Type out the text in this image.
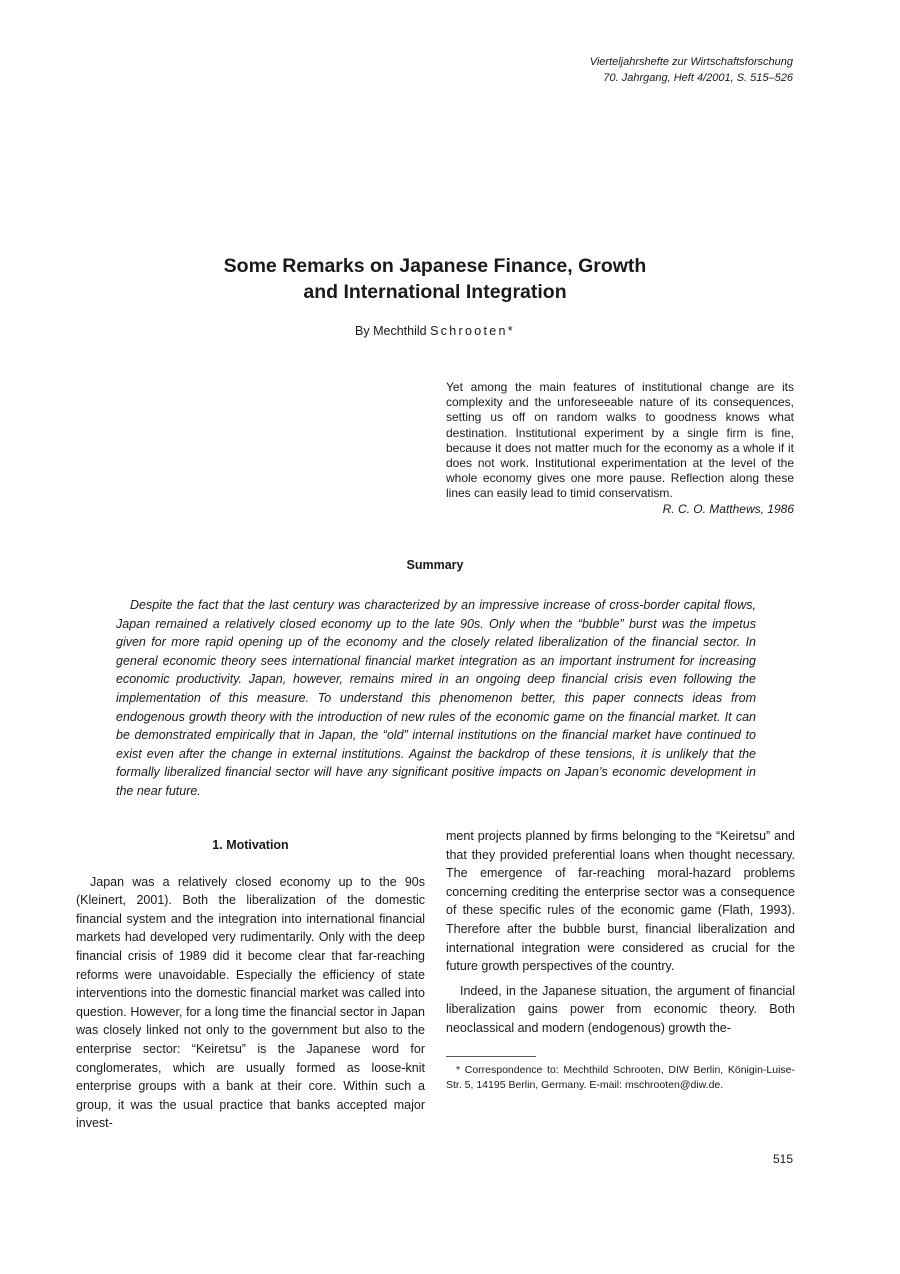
Vierteljahrshefte zur Wirtschaftsforschung
70. Jahrgang, Heft 4/2001, S. 515–526
Some Remarks on Japanese Finance, Growth
and International Integration
By Mechthild Schrooten*
Yet among the main features of institutional change are its complexity and the unforeseeable nature of its consequences, setting us off on random walks to goodness knows what destination. Institutional experiment by a single firm is fine, because it does not matter much for the economy as a whole if it does not work. Institutional experimentation at the level of the whole economy gives one more pause. Reflection along these lines can easily lead to timid conservatism.
R. C. O. Matthews, 1986
Summary
Despite the fact that the last century was characterized by an impressive increase of cross-border capital flows, Japan remained a relatively closed economy up to the late 90s. Only when the “bubble” burst was the impetus given for more rapid opening up of the economy and the closely related liberalization of the financial sector. In general economic theory sees international financial market integration as an important instrument for increasing economic productivity. Japan, however, remains mired in an ongoing deep financial crisis even following the implementation of this measure. To understand this phenomenon better, this paper connects ideas from endogenous growth theory with the introduction of new rules of the economic game on the financial market. It can be demonstrated empirically that in Japan, the “old” internal institutions on the financial market have continued to exist even after the change in external institutions. Against the backdrop of these tensions, it is unlikely that the formally liberalized financial sector will have any significant positive impacts on Japan’s economic development in the near future.

1. Motivation

Japan was a relatively closed economy up to the 90s (Kleinert, 2001). Both the liberalization of the domestic financial system and the integration into international financial markets had developed very rudimentarily. Only with the deep financial crisis of 1989 did it become clear that far-reaching reforms were unavoidable. Especially the efficiency of state interventions into the domestic financial market was called into question. However, for a long time the financial sector in Japan was closely linked not only to the government but also to the enterprise sector: “Keiretsu” is the Japanese word for conglomerates, which are usually formed as loose-knit enterprise groups with a bank at their core. Within such a group, it was the usual practice that banks accepted major invest-

ment projects planned by firms belonging to the “Keiretsu” and that they provided preferential loans when thought necessary. The emergence of far-reaching moral-hazard problems concerning crediting the enterprise sector was a consequence of these specific rules of the economic game (Flath, 1993). Therefore after the bubble burst, financial liberalization and international integration were considered as crucial for the future growth perspectives of the country.

Indeed, in the Japanese situation, the argument of financial liberalization gains power from economic theory. Both neoclassical and modern (endogenous) growth the-

* Correspondence to: Mechthild Schrooten, DIW Berlin, Königin-Luise-Str. 5, 14195 Berlin, Germany. E-mail: mschrooten@diw.de.

515
